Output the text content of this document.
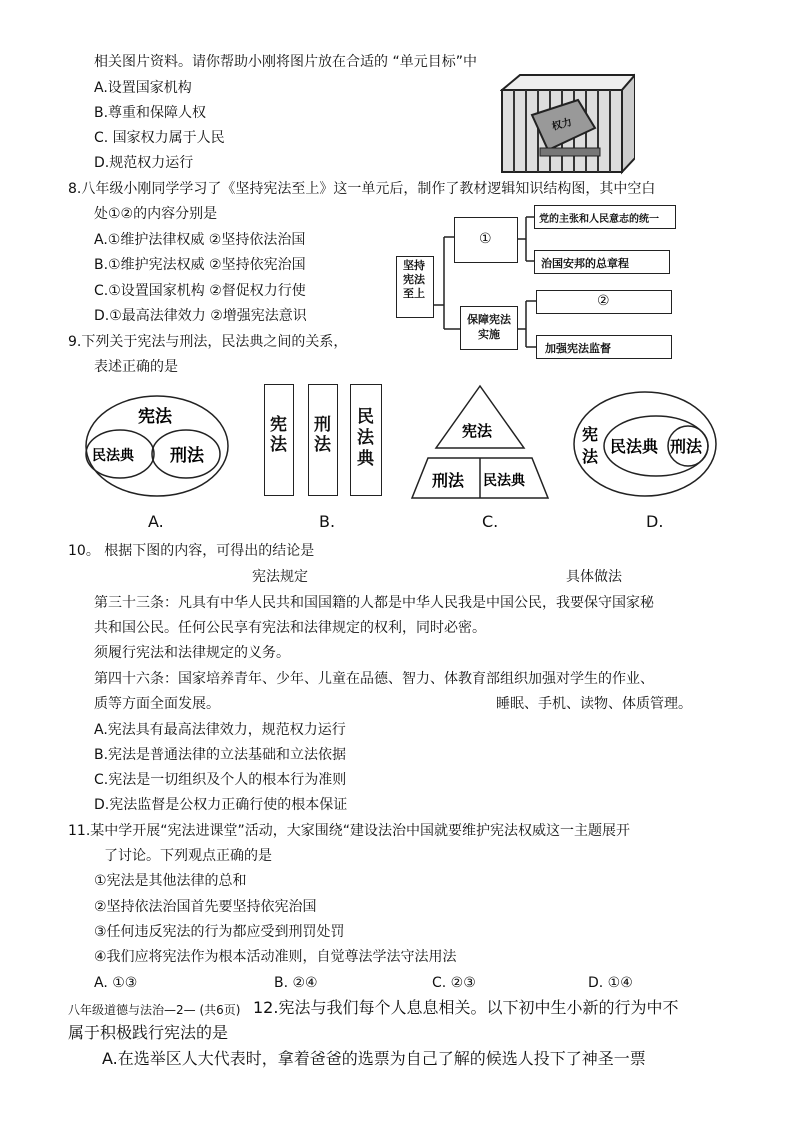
相关图片资料。请你帮助小刚将图片放在合适的 “单元目标”中
A.设置国家机构
B.尊重和保障人权
C. 国家权力属于人民
D.规范权力运行
权力
8.八年级小刚同学学习了《坚持宪法至上》这一单元后，制作了教材逻辑知识结构图，其中空白
处①②的内容分别是
A.①维护法律权威 ②坚持依法治国
B.①维护宪法权威 ②坚持依宪治国
C.①设置国家机构 ②督促权力行使
D.①最高法律效力 ②增强宪法意识
坚持宪法至上
①
保障宪法实施
党的主张和人民意志的统一
治国安邦的总章程
②
加强宪法监督
9.下列关于宪法与刑法，民法典之间的关系，
表述正确的是
宪法
民法典 刑法
A.
宪法
刑法
民法典
B.
宪法
刑法 民法典
C.
宪
法
民法典 刑法
D.
10。 根据下图的内容，可得出的结论是
宪法规定	具体做法
第三十三条：凡具有中华人民共和国国籍的人都是中华人民我是中国公民，我要保守国家秘
共和国公民。任何公民享有宪法和法律规定的权利，同时必密。
须履行宪法和法律规定的义务。
第四十六条：国家培养青年、少年、儿童在品德、智力、体教育部组织加强对学生的作业、
质等方面全面发展。	睡眠、手机、读物、体质管理。
A.宪法具有最高法律效力，规范权力运行
B.宪法是普通法律的立法基础和立法依据
C.宪法是一切组织及个人的根本行为准则
D.宪法监督是公权力正确行使的根本保证
11.某中学开展“宪法进课堂”活动，大家围绕“建设法治中国就要维护宪法权威这一主题展开
了讨论。下列观点正确的是
①宪法是其他法律的总和
②坚持依法治国首先要坚持依宪治国
③任何违反宪法的行为都应受到刑罚处罚
④我们应将宪法作为根本活动准则，自觉尊法学法守法用法
A. ①③	B. ②④	C. ②③	D. ①④
八年级道德与法治—2— (共6页) 12.宪法与我们每个人息息相关。以下初中生小新的行为中不
属于积极践行宪法的是
A.在选举区人大代表时，拿着爸爸的选票为自己了解的候选人投下了神圣一票
